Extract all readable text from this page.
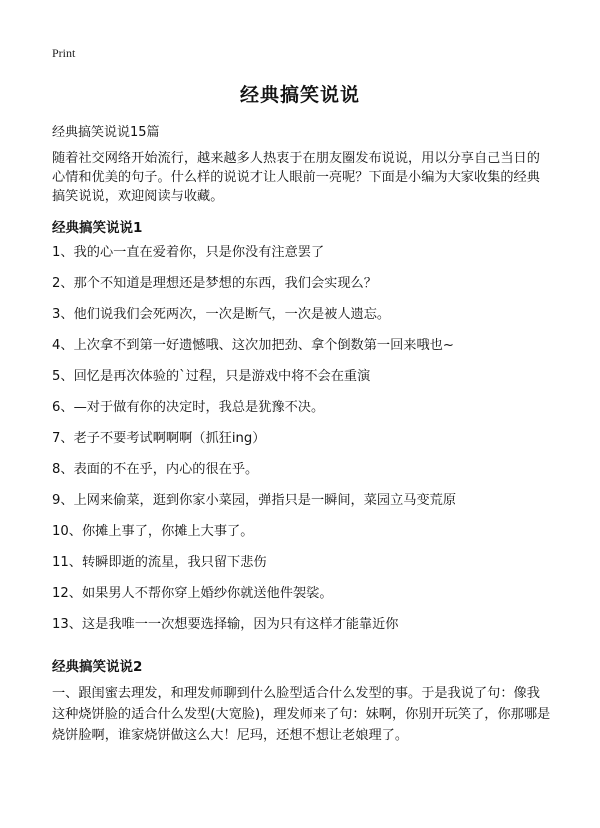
Print
经典搞笑说说
经典搞笑说说15篇
随着社交网络开始流行，越来越多人热衷于在朋友圈发布说说，用以分享自己当日的心情和优美的句子。什么样的说说才让人眼前一亮呢？下面是小编为大家收集的经典搞笑说说，欢迎阅读与收藏。
经典搞笑说说1
1、我的心一直在爱着你，只是你没有注意罢了
2、那个不知道是理想还是梦想的东西，我们会实现么？
3、他们说我们会死两次，一次是断气，一次是被人遗忘。
4、上次拿不到第一好遗憾哦、这次加把劲、拿个倒数第一回来哦也~
5、回忆是再次体验的`过程，只是游戏中将不会在重演
6、—对于做有你的决定时，我总是犹豫不决。
7、老子不要考试啊啊啊（抓狂ing）
8、表面的不在乎，内心的很在乎。
9、上网来偷菜，逛到你家小菜园，弹指只是一瞬间，菜园立马变荒原
10、你摊上事了，你摊上大事了。
11、转瞬即逝的流星，我只留下悲伤
12、如果男人不帮你穿上婚纱你就送他件袈裟。
13、这是我唯一一次想要选择输，因为只有这样才能靠近你
经典搞笑说说2
一、跟闺蜜去理发，和理发师聊到什么脸型适合什么发型的事。于是我说了句：像我这种烧饼脸的适合什么发型(大宽脸)，理发师来了句：妹啊，你别开玩笑了，你那哪是烧饼脸啊，谁家烧饼做这么大！尼玛，还想不想让老娘理了。
